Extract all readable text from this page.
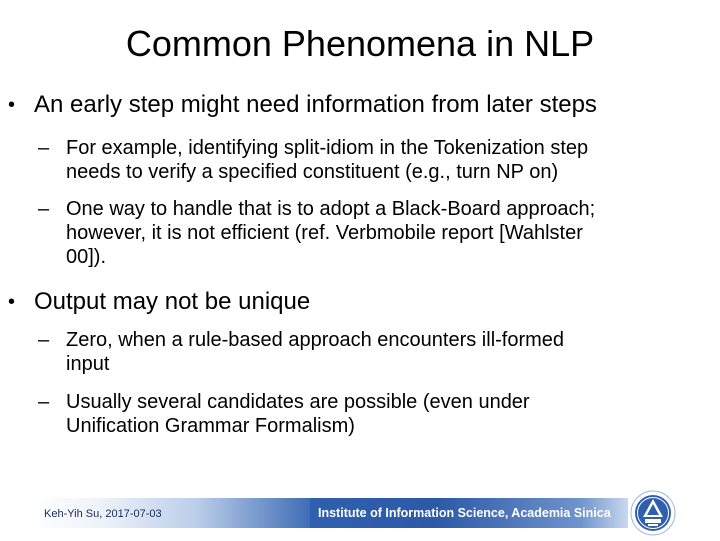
Common Phenomena in NLP
• An early step might need information from later steps
– For example, identifying split-idiom in the Tokenization step
needs to verify a specified constituent (e.g., turn NP on)
– One way to handle that is to adopt a Black-Board approach;
however, it is not efficient (ref. Verbmobile report [Wahlster
00]).
• Output may not be unique
– Zero, when a rule-based approach encounters ill-formed
input
– Usually several candidates are possible (even under
Unification Grammar Formalism)
Keh-Yih Su, 2017-07-03	Institute of Information Science, Academia Sinica
